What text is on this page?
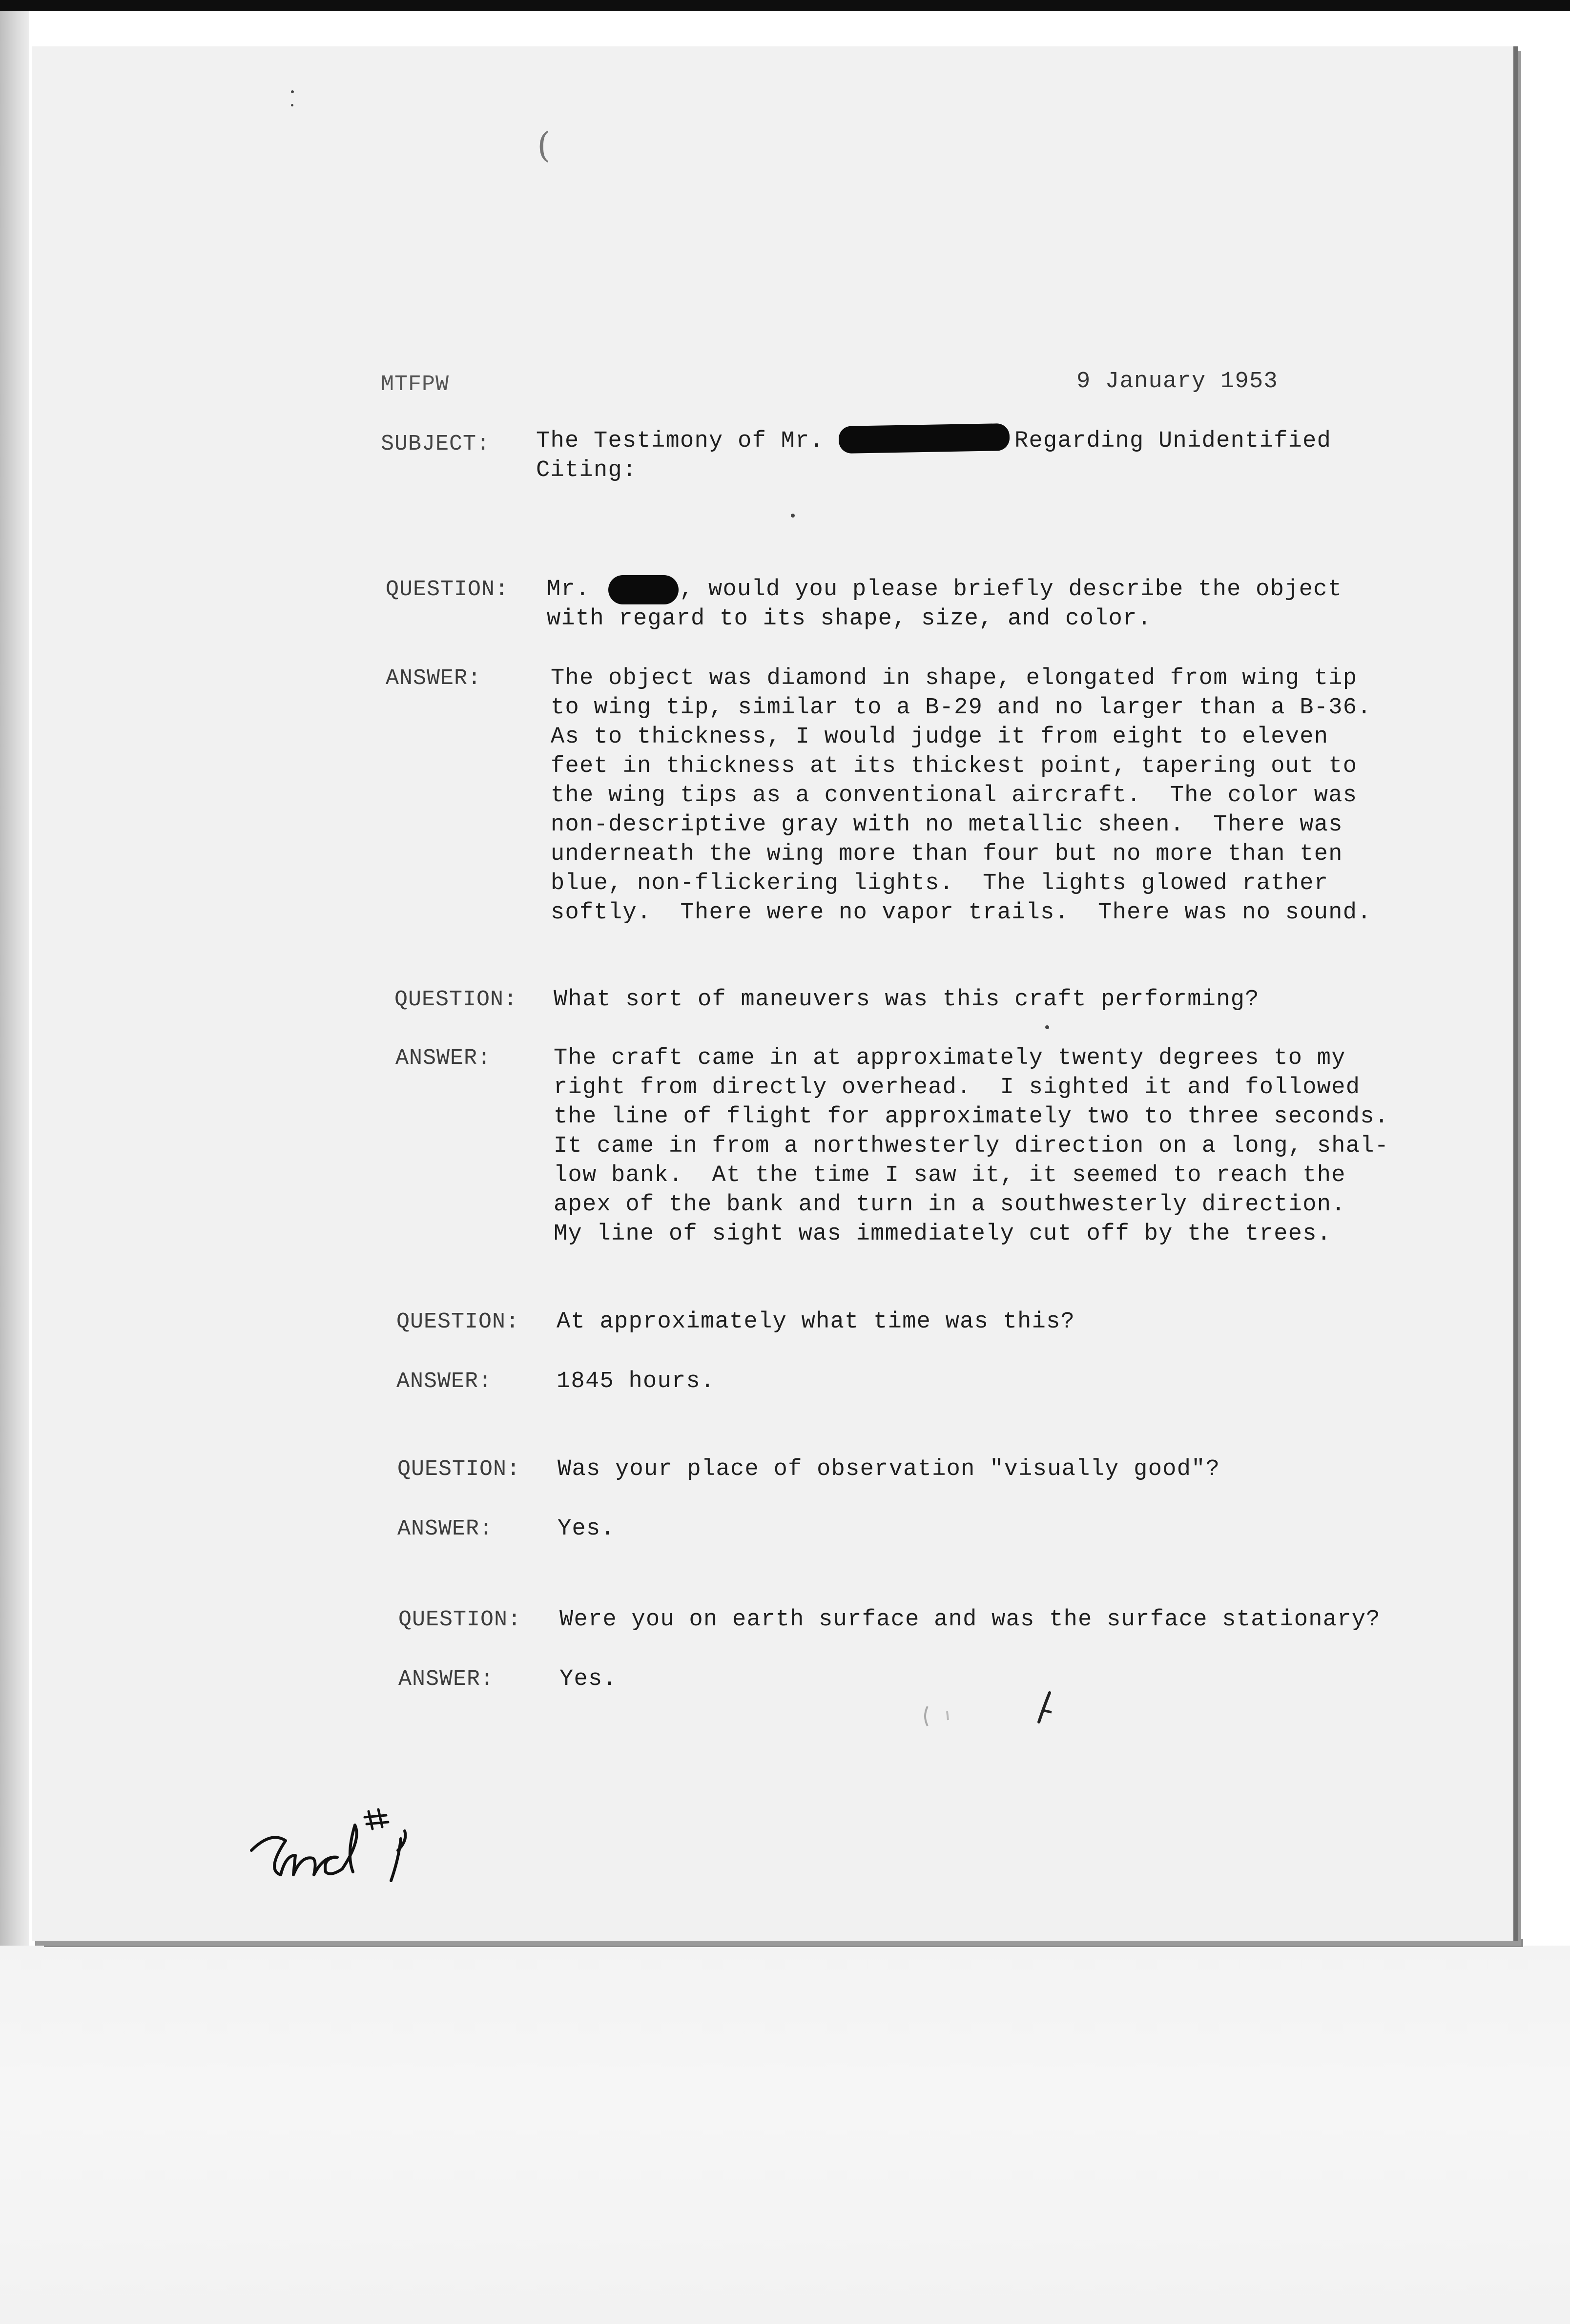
(
MTFPW	9 January 1953
SUBJECT: The Testimony of Mr.	Regarding Unidentified
Citing:
QUESTION: Mr.	, would you please briefly describe the object
with regard to its shape, size, and color.
ANSWER:	The object was diamond in shape, elongated from wing tip
to wing tip, similar to a B-29 and no larger than a B-36.
As to thickness, I would judge it from eight to eleven
feet in thickness at its thickest point, tapering out to
the wing tips as a conventional aircraft.  The color was
non-descriptive gray with no metallic sheen.  There was
underneath the wing more than four but no more than ten
blue, non-flickering lights.  The lights glowed rather
softly.  There were no vapor trails.  There was no sound.
QUESTION: What sort of maneuvers was this craft performing?
ANSWER:	The craft came in at approximately twenty degrees to my
right from directly overhead.  I sighted it and followed
the line of flight for approximately two to three seconds.
It came in from a northwesterly direction on a long, shal-
low bank.  At the time I saw it, it seemed to reach the
apex of the bank and turn in a southwesterly direction.
My line of sight was immediately cut off by the trees.
QUESTION: At approximately what time was this?
ANSWER:	1845 hours.
QUESTION: Was your place of observation "visually good"?
ANSWER:	Yes.
QUESTION: Were you on earth surface and was the surface stationary?
ANSWER:	Yes.
